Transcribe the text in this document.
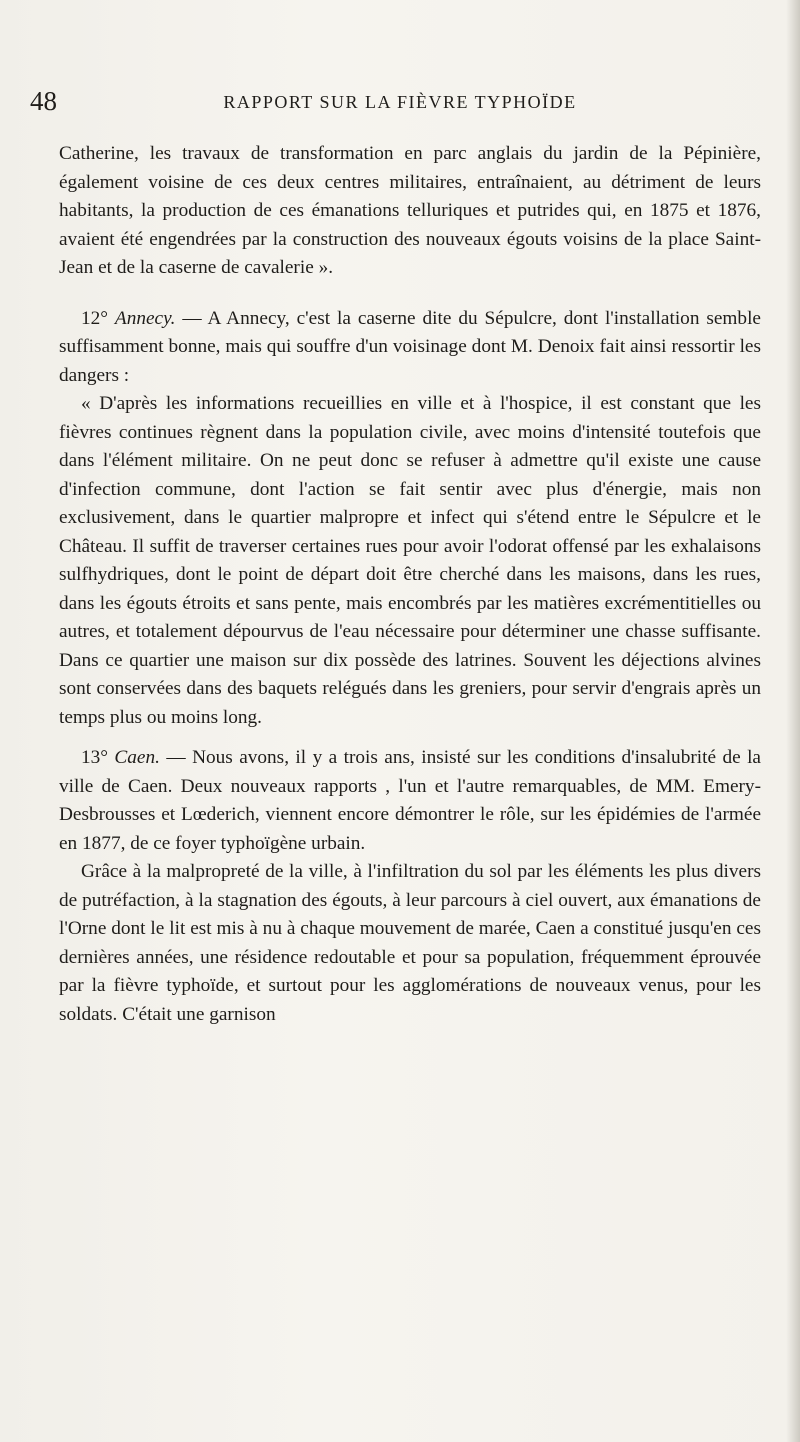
48	RAPPORT SUR LA FIÈVRE TYPHOÏDE

Catherine, les travaux de transformation en parc anglais du jardin de la Pépinière, également voisine de ces deux centres militaires, entraînaient, au détriment de leurs habitants, la production de ces émanations telluriques et putrides qui, en 1875 et 1876, avaient été engendrées par la construction des nouveaux égouts voisins de la place Saint-Jean et de la caserne de cavalerie ».

12° Annecy. — A Annecy, c'est la caserne dite du Sépulcre, dont l'installation semble suffisamment bonne, mais qui souffre d'un voisinage dont M. Denoix fait ainsi ressortir les dangers :

« D'après les informations recueillies en ville et à l'hospice, il est constant que les fièvres continues règnent dans la population civile, avec moins d'intensité toutefois que dans l'élément militaire. On ne peut donc se refuser à admettre qu'il existe une cause d'infection commune, dont l'action se fait sentir avec plus d'énergie, mais non exclusivement, dans le quartier malpropre et infect qui s'étend entre le Sépulcre et le Château. Il suffit de traverser certaines rues pour avoir l'odorat offensé par les exhalaisons sulfhydriques, dont le point de départ doit être cherché dans les maisons, dans les rues, dans les égouts étroits et sans pente, mais encombrés par les matières excrémentitielles ou autres, et totalement dépourvus de l'eau nécessaire pour déterminer une chasse suffisante. Dans ce quartier une maison sur dix possède des latrines. Souvent les déjections alvines sont conservées dans des baquets relégués dans les greniers, pour servir d'engrais après un temps plus ou moins long.

13° Caen. — Nous avons, il y a trois ans, insisté sur les conditions d'insalubrité de la ville de Caen. Deux nouveaux rapports , l'un et l'autre remarquables, de MM. Emery-Desbrousses et Lœderich, viennent encore démontrer le rôle, sur les épidémies de l'armée en 1877, de ce foyer typhoïgène urbain.

Grâce à la malpropreté de la ville, à l'infiltration du sol par les éléments les plus divers de putréfaction, à la stagnation des égouts, à leur parcours à ciel ouvert, aux émanations de l'Orne dont le lit est mis à nu à chaque mouvement de marée, Caen a constitué jusqu'en ces dernières années, une résidence redoutable et pour sa population, fréquemment éprouvée par la fièvre typhoïde, et surtout pour les agglomérations de nouveaux venus, pour les soldats. C'était une garnison
